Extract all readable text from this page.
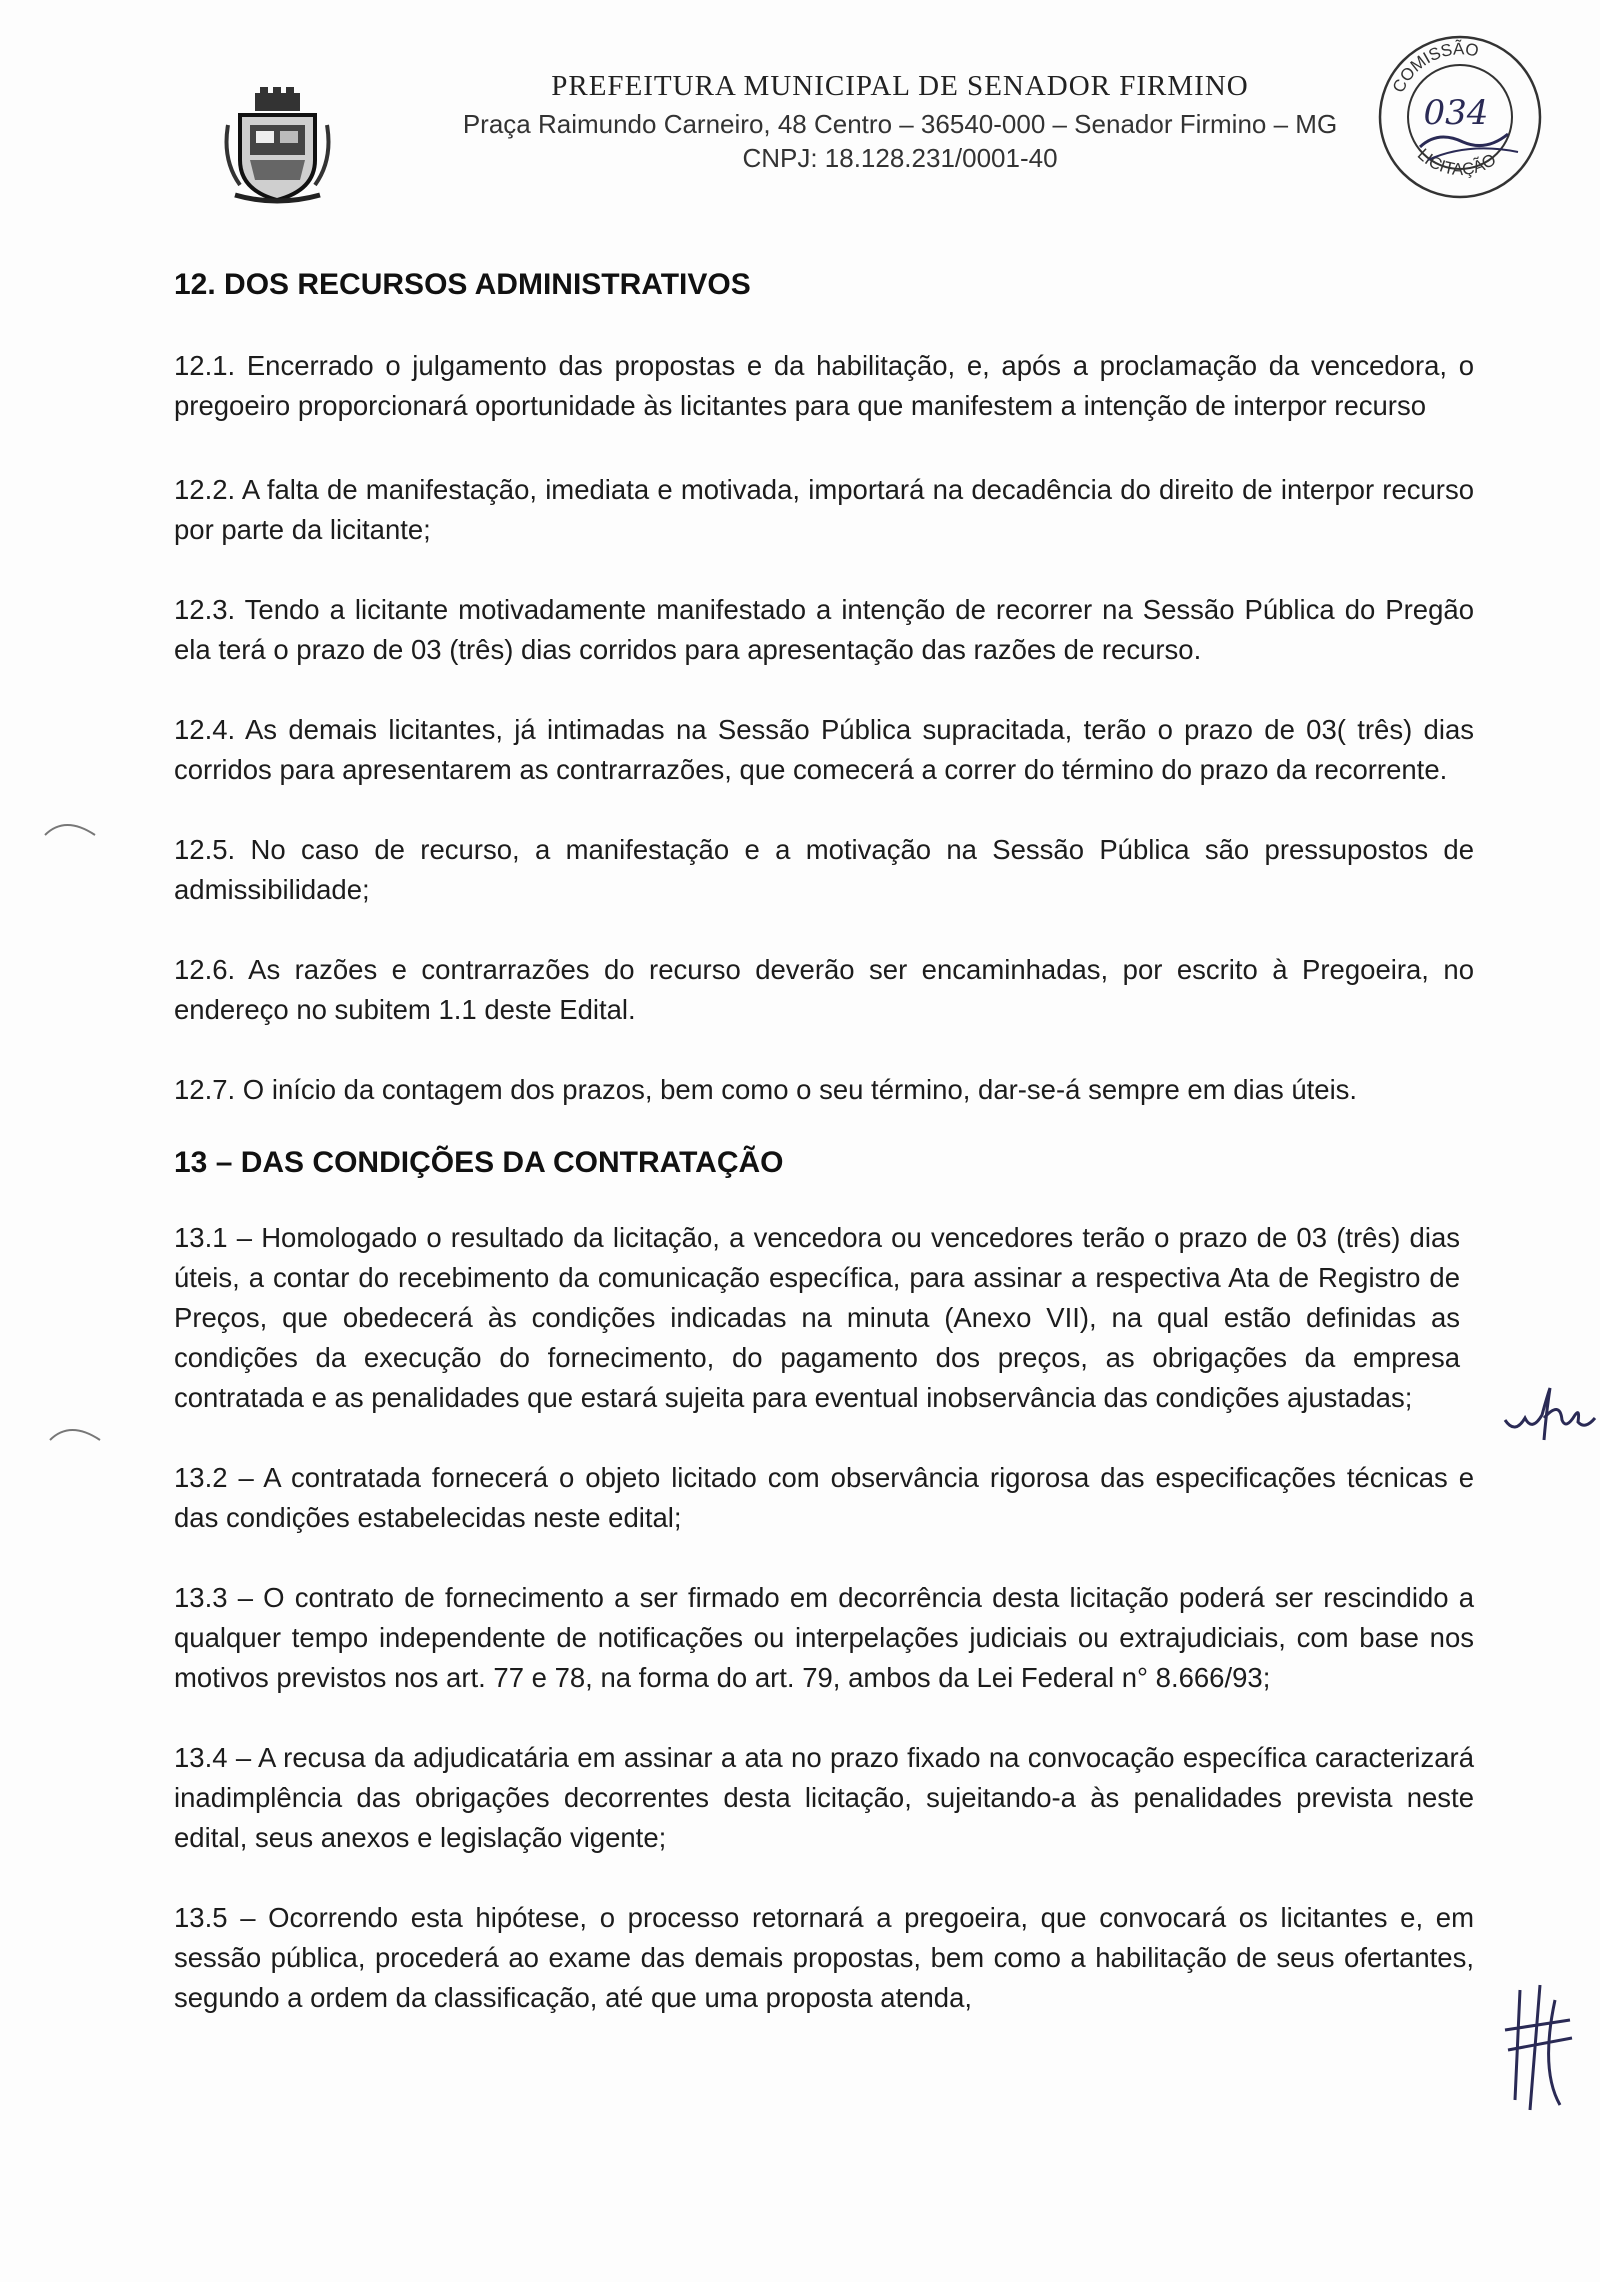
PREFEITURA MUNICIPAL DE SENADOR FIRMINO

Praça Raimundo Carneiro, 48 Centro – 36540-000 – Senador Firmino – MG

CNPJ: 18.128.231/0001-40

COMISSÃO
LICITAÇÃO
034
12. DOS RECURSOS ADMINISTRATIVOS

12.1. Encerrado o julgamento das propostas e da habilitação, e, após a proclamação da vencedora, o pregoeiro proporcionará oportunidade às licitantes para que manifestem a intenção de interpor recurso

12.2. A falta de manifestação, imediata e motivada, importará na decadência do direito de interpor recurso por parte da licitante;

12.3. Tendo a licitante motivadamente manifestado a intenção de recorrer na Sessão Pública do Pregão ela terá o prazo de 03 (três) dias corridos para apresentação das razões de recurso.

12.4. As demais licitantes, já intimadas na Sessão Pública supracitada, terão o prazo de 03( três) dias corridos para apresentarem as contrarrazões, que comecerá a correr do término do prazo da recorrente.

12.5. No caso de recurso, a manifestação e a motivação na Sessão Pública são pressupostos de admissibilidade;

12.6. As razões e contrarrazões do recurso deverão ser encaminhadas, por escrito à Pregoeira, no endereço no subitem 1.1 deste Edital.

12.7. O início da contagem dos prazos, bem como o seu término, dar-se-á sempre em dias úteis.

13 – DAS CONDIÇÕES DA CONTRATAÇÃO

13.1 – Homologado o resultado da licitação, a vencedora ou vencedores terão o prazo de 03 (três) dias úteis, a contar do recebimento da comunicação específica, para assinar a respectiva Ata de Registro de Preços, que obedecerá às condições indicadas na minuta (Anexo VII), na qual estão definidas as condições da execução do fornecimento, do pagamento dos preços, as obrigações da empresa contratada e as penalidades que estará sujeita para eventual inobservância das condições ajustadas;

13.2 – A contratada fornecerá o objeto licitado com observância rigorosa das especificações técnicas e das condições estabelecidas neste edital;

13.3 – O contrato de fornecimento a ser firmado em decorrência desta licitação poderá ser rescindido a qualquer tempo independente de notificações ou interpelações judiciais ou extrajudiciais, com base nos motivos previstos nos art. 77 e 78, na forma do art. 79, ambos da Lei Federal n° 8.666/93;

13.4 – A recusa da adjudicatária em assinar a ata no prazo fixado na convocação específica caracterizará inadimplência das obrigações decorrentes desta licitação, sujeitando-a às penalidades prevista neste edital, seus anexos e legislação vigente;

13.5 – Ocorrendo esta hipótese, o processo retornará a pregoeira, que convocará os licitantes e, em sessão pública, procederá ao exame das demais propostas, bem como a habilitação de seus ofertantes, segundo a ordem da classificação, até que uma proposta atenda,

wfila
